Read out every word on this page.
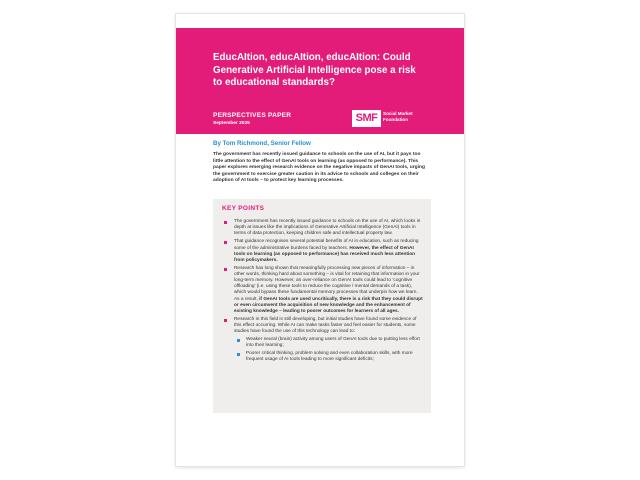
EducAItion, educAItion, educAItion: Could Generative Artificial Intelligence pose a risk to educational standards?
PERSPECTIVES PAPER
September 2025	SMF	Social Market
Foundation
By Tom Richmond, Senior Fellow

The government has recently issued guidance to schools on the use of AI, but it pays too little attention to the effect of GenAI tools on learning (as opposed to performance). This paper explores emerging research evidence on the negative impacts of GenAI tools, urging the government to exercise greater caution in its advice to schools and colleges on their adoption of AI tools – to protect key learning processes.

KEY POINTS
The government has recently issued guidance to schools on the use of AI, which looks in depth at issues like the implications of Generative Artificial Intelligence (GenAI) tools in terms of data protection, keeping children safe and intellectual property law.
That guidance recognises several potential benefits of AI in education, such as reducing some of the administrative burdens faced by teachers. However, the effect of GenAI tools on learning (as opposed to performance) has received much less attention from policymakers.
Research has long shown that meaningfully processing new pieces of information – in other words, thinking hard about something – is vital for retaining that information in your long-term memory. However, an over-reliance on GenAI tools could lead to ‘cognitive offloading’ (i.e. using these tools to reduce the cognitive / mental demands of a task), which would bypass these fundamental memory processes that underpin how we learn. As a result, if GenAI tools are used uncritically, there is a risk that they could disrupt or even circumvent the acquisition of new knowledge and the enhancement of existing knowledge – leading to poorer outcomes for learners of all ages.
Research in this field is still developing, but initial studies have found some evidence of this effect occurring. While AI can make tasks faster and feel easier for students, some studies have found the use of this technology can lead to:
Weaker neural (brain) activity among users of GenAI tools due to putting less effort into their learning;
Poorer critical thinking, problem solving and even collaboration skills, with more frequent usage of AI tools leading to more significant deficits;
